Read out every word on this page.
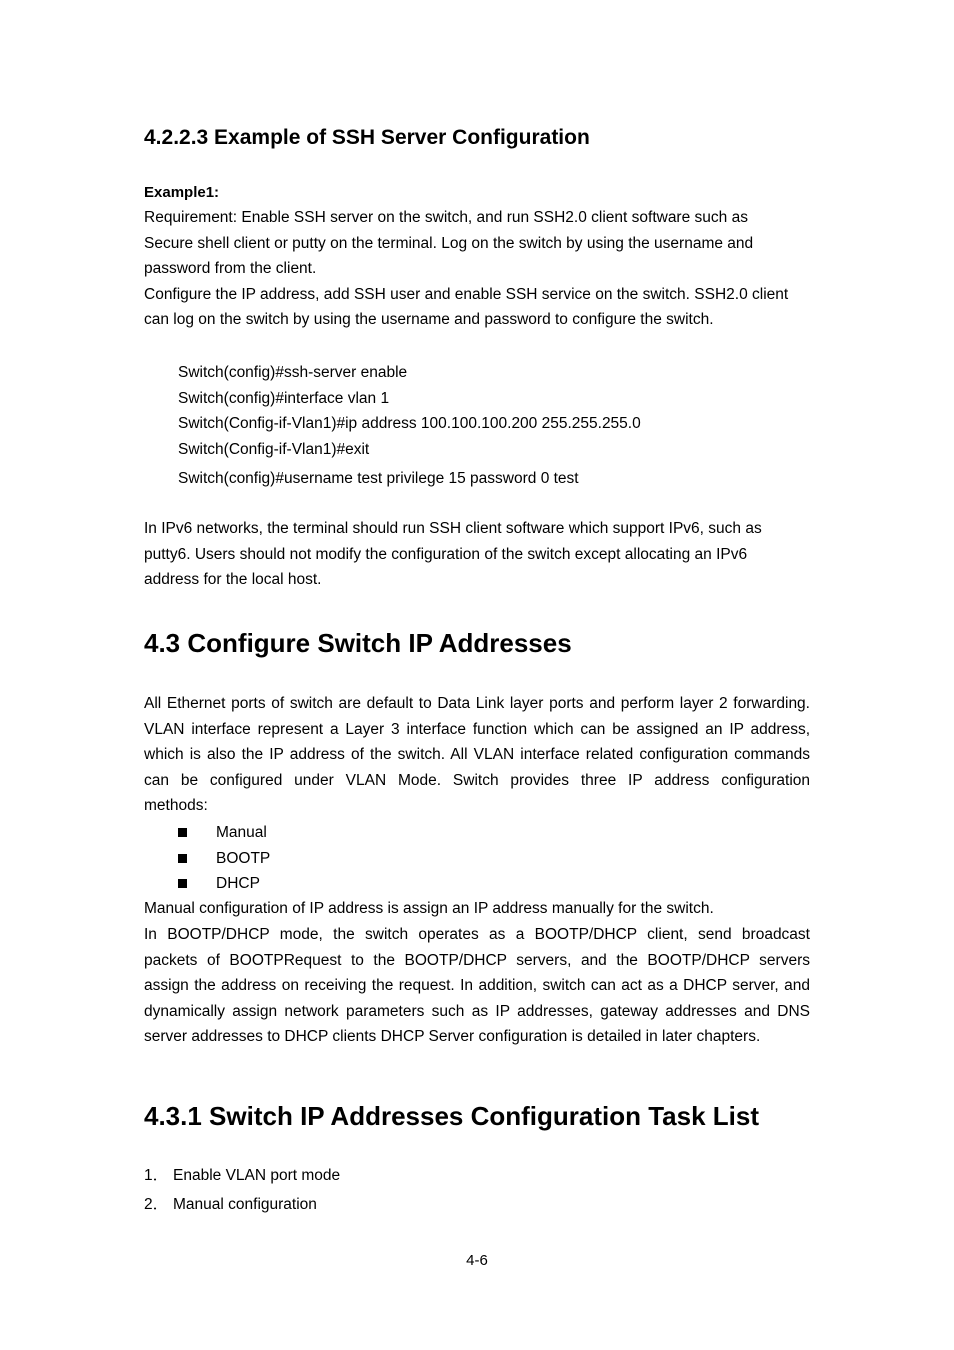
4.2.2.3 Example of SSH Server Configuration
Example1:
Requirement: Enable SSH server on the switch, and run SSH2.0 client software such as
Secure shell client or putty on the terminal. Log on the switch by using the username and
password from the client.
Configure the IP address, add SSH user and enable SSH service on the switch. SSH2.0 client
can log on the switch by using the username and password to configure the switch.
Switch(config)#ssh-server enable
Switch(config)#interface vlan 1
Switch(Config-if-Vlan1)#ip address 100.100.100.200 255.255.255.0
Switch(Config-if-Vlan1)#exit
Switch(config)#username test privilege 15 password 0 test
In IPv6 networks, the terminal should run SSH client software which support IPv6, such as
putty6. Users should not modify the configuration of the switch except allocating an IPv6
address for the local host.
4.3 Configure Switch IP Addresses
All Ethernet ports of switch are default to Data Link layer ports and perform layer 2 forwarding.
VLAN interface represent a Layer 3 interface function which can be assigned an IP address,
which is also the IP address of the switch. All VLAN interface related configuration commands
can be configured under VLAN Mode. Switch provides three IP address configuration
methods:
Manual
BOOTP
DHCP
Manual configuration of IP address is assign an IP address manually for the switch.
In BOOTP/DHCP mode, the switch operates as a BOOTP/DHCP client, send broadcast
packets of BOOTPRequest to the BOOTP/DHCP servers, and the BOOTP/DHCP servers
assign the address on receiving the request. In addition, switch can act as a DHCP server, and
dynamically assign network parameters such as IP addresses, gateway addresses and DNS
server addresses to DHCP clients DHCP Server configuration is detailed in later chapters.
4.3.1 Switch IP Addresses Configuration Task List
1． Enable VLAN port mode
2． Manual configuration
4-6
